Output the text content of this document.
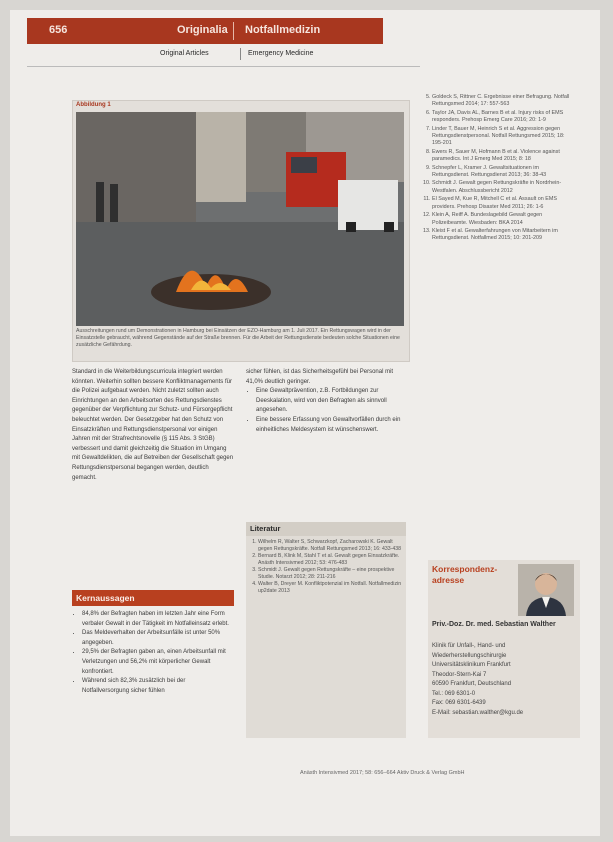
656	Originalia Notfallmedizin
Original Articles	Emergency Medicine
Abbildung 1
Ausschreitungen rund um Demonstrationen in Hamburg bei Einsätzen der EZO-Hamburg am 1. Juli 2017. Ein Rettungswagen wird in der Einsatzstelle gebraucht, während Gegenstände auf der Straße brennen. Für die Arbeit der Rettungsdienste bedeuten solche Situationen eine zusätzliche Gefährdung.

Standard in die Weiterbildungscurricula integriert werden könnten. Weiterhin sollten bessere Konfliktmanagements für die Polizei aufgebaut werden. Nicht zuletzt sollten auch Einrichtungen an den Arbeitsorten des Rettungsdienstes gegenüber der Verpflichtung zur Schutz- und Fürsorgepflicht beleuchtet werden. Der Gesetzgeber hat den Schutz von Einsatzkräften und Rettungsdienstpersonal vor einigen Jahren mit der Strafrechtsnovelle (§ 115 Abs. 3 StGB) verbessert und damit gleichzeitig die Situation im Umgang mit Gewaltdelikten, die auf Betreiben der Gesellschaft gegen Rettungsdienstpersonal begangen werden, deutlich gemacht.

Kernaussagen
• 84,8% der Befragten haben im letzten Jahr eine Form verbaler Gewalt in der Tätigkeit im Notfalleinsatz erlebt.
• Das Meldeverhalten der Arbeitsunfälle ist unter 50% angegeben.
• 29,5% der Befragten gaben an, einen Arbeitsunfall mit Verletzungen und 56,2% mit körperlicher Gewalt konfrontiert.
• Während sich 82,3% zusätzlich bei der Notfallversorgung sicher fühlen

sicher fühlen, ist das Sicherheitsgefühl bei Personal mit 41,0% deutlich geringer.

• Eine Gewaltprävention, z.B. Fortbildungen zur Deeskalation, wird von den Befragten als sinnvoll angesehen.
• Eine bessere Erfassung von Gewaltvorfällen durch ein einheitliches Meldesystem ist wünschenswert.
Literatur
1. Wilhelm R, Walter S, Schwarzkopf, Zacharowski K. Gewalt gegen Rettungskräfte. Notfall Rettungsmed 2013; 16: 433-438
2. Bernard B, Klink M, Stahl T et al. Gewalt gegen Einsatzkräfte. Anästh Intensivmed 2012; 53: 476-483
3. Schmidt J. Gewalt gegen Rettungskräfte – eine prospektive Studie. Notarzt 2012; 28: 211-216
4. Walter B, Dreyer M. Konfliktpotenzial im Notfall. Notfallmedizin up2date 2013
5. Goldeck S, Rittner C. Ergebnisse einer Befragung. Notfall Rettungsmed 2014; 17: 557-563
6. Taylor JA, Davis AL, Barnes B et al. Injury risks of EMS responders. Prehosp Emerg Care 2016; 20: 1-9
7. Linder T, Bauer M, Heinrich S et al. Aggression gegen Rettungsdienstpersonal. Notfall Rettungsmed 2015; 18: 195-201
8. Ewers R, Sauer M, Hofmann B et al. Violence against paramedics. Int J Emerg Med 2015; 8: 18
9. Schnepfer L, Kramer J. Gewaltsituationen im Rettungsdienst. Rettungsdienst 2013; 36: 38-43
10. Schmidt J. Gewalt gegen Rettungskräfte in Nordrhein-Westfalen. Abschlussbericht 2012
11. El Sayed M, Kue R, Mitchell C et al. Assault on EMS providers. Prehosp Disaster Med 2011; 26: 1-6
12. Klein A, Reiff A. Bundeslagebild Gewalt gegen Polizeibeamte. Wiesbaden: BKA 2014
13. Kleist F et al. Gewalterfahrungen von Mitarbeitern im Rettungsdienst. Notfallmed 2015; 10: 201-209
Korrespondenz-adresse
Priv.-Doz. Dr. med. Sebastian Walther
Klinik für Unfall-, Hand- und Wiederherstellungschirurgie
Universitätsklinikum Frankfurt
Theodor-Stern-Kai 7
60590 Frankfurt, Deutschland
Tel.: 069 6301-0
Fax: 069 6301-6439
E-Mail: sebastian.walther@kgu.de
Anästh Intensivmed 2017; 58: 656–664 Aktiv Druck & Verlag GmbH
